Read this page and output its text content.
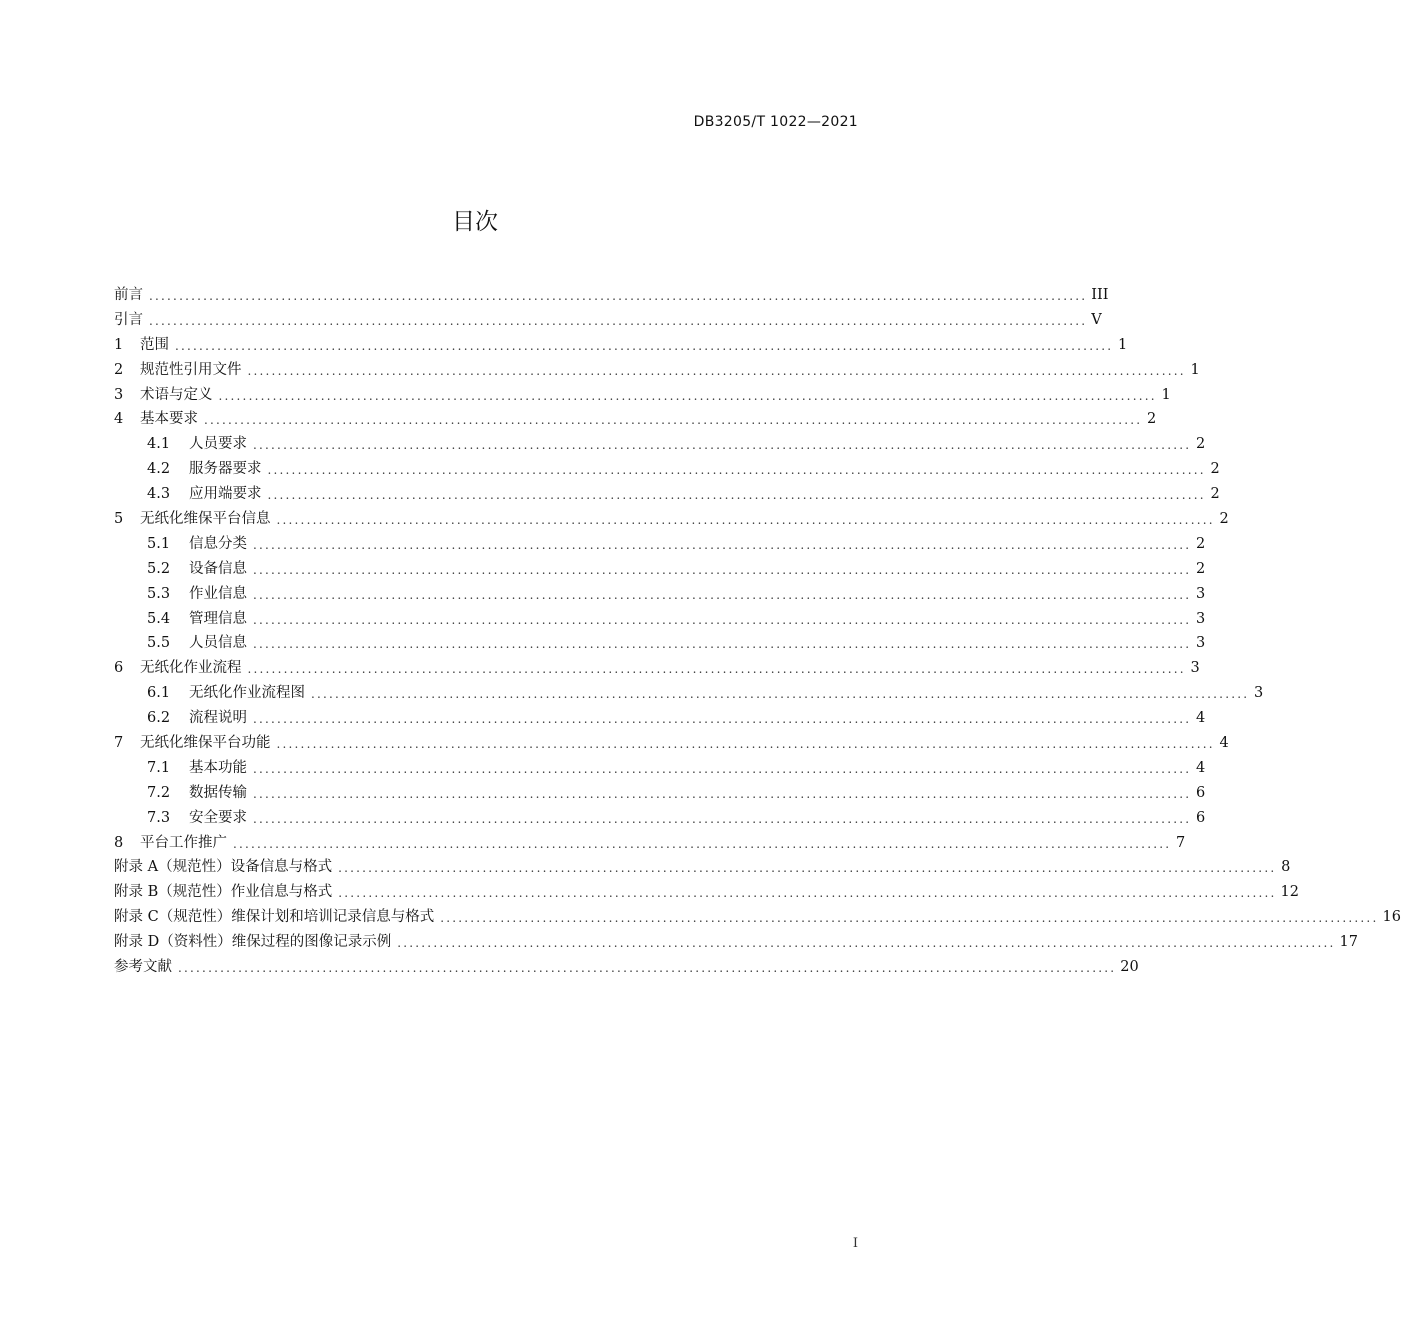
DB3205/T 1022—2021
目次
前言 ............................................................................................................................................................ III
引言 ............................................................................................................................................................ V
1	范围 ............................................................................................................................................................ 1
2	规范性引用文件 ............................................................................................................................................................ 1
3	术语与定义 ............................................................................................................................................................ 1
4	基本要求 ............................................................................................................................................................ 2
4.1	人员要求 ............................................................................................................................................................ 2
4.2	服务器要求 ............................................................................................................................................................ 2
4.3	应用端要求 ............................................................................................................................................................ 2
5	无纸化维保平台信息 ............................................................................................................................................................ 2
5.1	信息分类 ............................................................................................................................................................ 2
5.2	设备信息 ............................................................................................................................................................ 2
5.3	作业信息 ............................................................................................................................................................ 3
5.4	管理信息 ............................................................................................................................................................ 3
5.5	人员信息 ............................................................................................................................................................ 3
6	无纸化作业流程 ............................................................................................................................................................ 3
6.1	无纸化作业流程图 ............................................................................................................................................................ 3
6.2	流程说明 ............................................................................................................................................................ 4
7	无纸化维保平台功能 ............................................................................................................................................................ 4
7.1	基本功能 ............................................................................................................................................................ 4
7.2	数据传输 ............................................................................................................................................................ 6
7.3	安全要求 ............................................................................................................................................................ 6
8	平台工作推广 ............................................................................................................................................................ 7
附录 A（规范性）设备信息与格式 ............................................................................................................................................................ 8
附录 B（规范性）作业信息与格式 ............................................................................................................................................................ 12
附录 C（规范性）维保计划和培训记录信息与格式 ............................................................................................................................................................ 16
附录 D（资料性）维保过程的图像记录示例 ............................................................................................................................................................ 17
参考文献 ............................................................................................................................................................ 20
I
